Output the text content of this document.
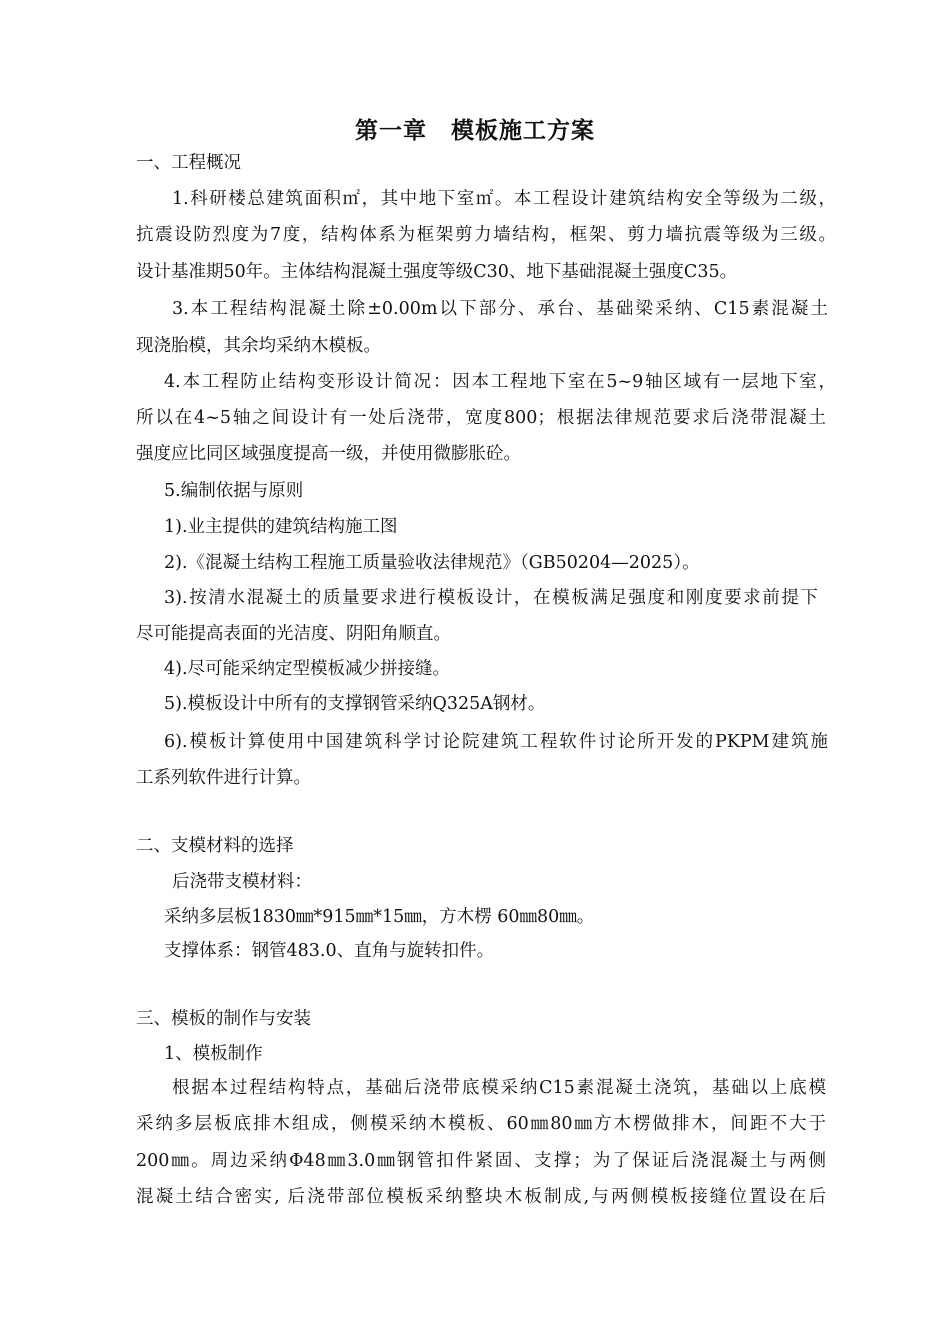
第一章　模板施工方案
一、工程概况
1.科研楼总建筑面积㎡，其中地下室㎡。本工程设计建筑结构安全等级为二级，
抗震设防烈度为7度，结构体系为框架剪力墙结构，框架、剪力墙抗震等级为三级。
设计基准期50年。主体结构混凝土强度等级C30、地下基础混凝土强度C35。
3.本工程结构混凝土除±0.00m以下部分、承台、基础梁采纳、C15素混凝土
现浇胎模，其余均采纳木模板。
4.本工程防止结构变形设计简况：因本工程地下室在5~9轴区域有一层地下室，
所以在4~5轴之间设计有一处后浇带，宽度800；根据法律规范要求后浇带混凝土
强度应比同区域强度提高一级，并使用微膨胀砼。
5.编制依据与原则
1).业主提供的建筑结构施工图
2).《混凝土结构工程施工质量验收法律规范》（GB50204—2025）。
3).按清水混凝土的质量要求进行模板设计，在模板满足强度和刚度要求前提下
尽可能提高表面的光洁度、阴阳角顺直。
4).尽可能采纳定型模板减少拼接缝。
5).模板设计中所有的支撑钢管采纳Q325A钢材。
6).模板计算使用中国建筑科学讨论院建筑工程软件讨论所开发的PKPM建筑施
工系列软件进行计算。
二、支模材料的选择
后浇带支模材料：
采纳多层板1830㎜*915㎜*15㎜，方木楞 60㎜80㎜。
支撑体系：钢管483.0、直角与旋转扣件。
三、模板的制作与安装
1、模板制作
根据本过程结构特点，基础后浇带底模采纳C15素混凝土浇筑，基础以上底模
采纳多层板底排木组成，侧模采纳木模板、60㎜80㎜方木楞做排木，间距不大于
200㎜。周边采纳Φ48㎜3.0㎜钢管扣件紧固、支撑；为了保证后浇混凝土与两侧
混凝土结合密实, 后浇带部位模板采纳整块木板制成,与两侧模板接缝位置设在后
